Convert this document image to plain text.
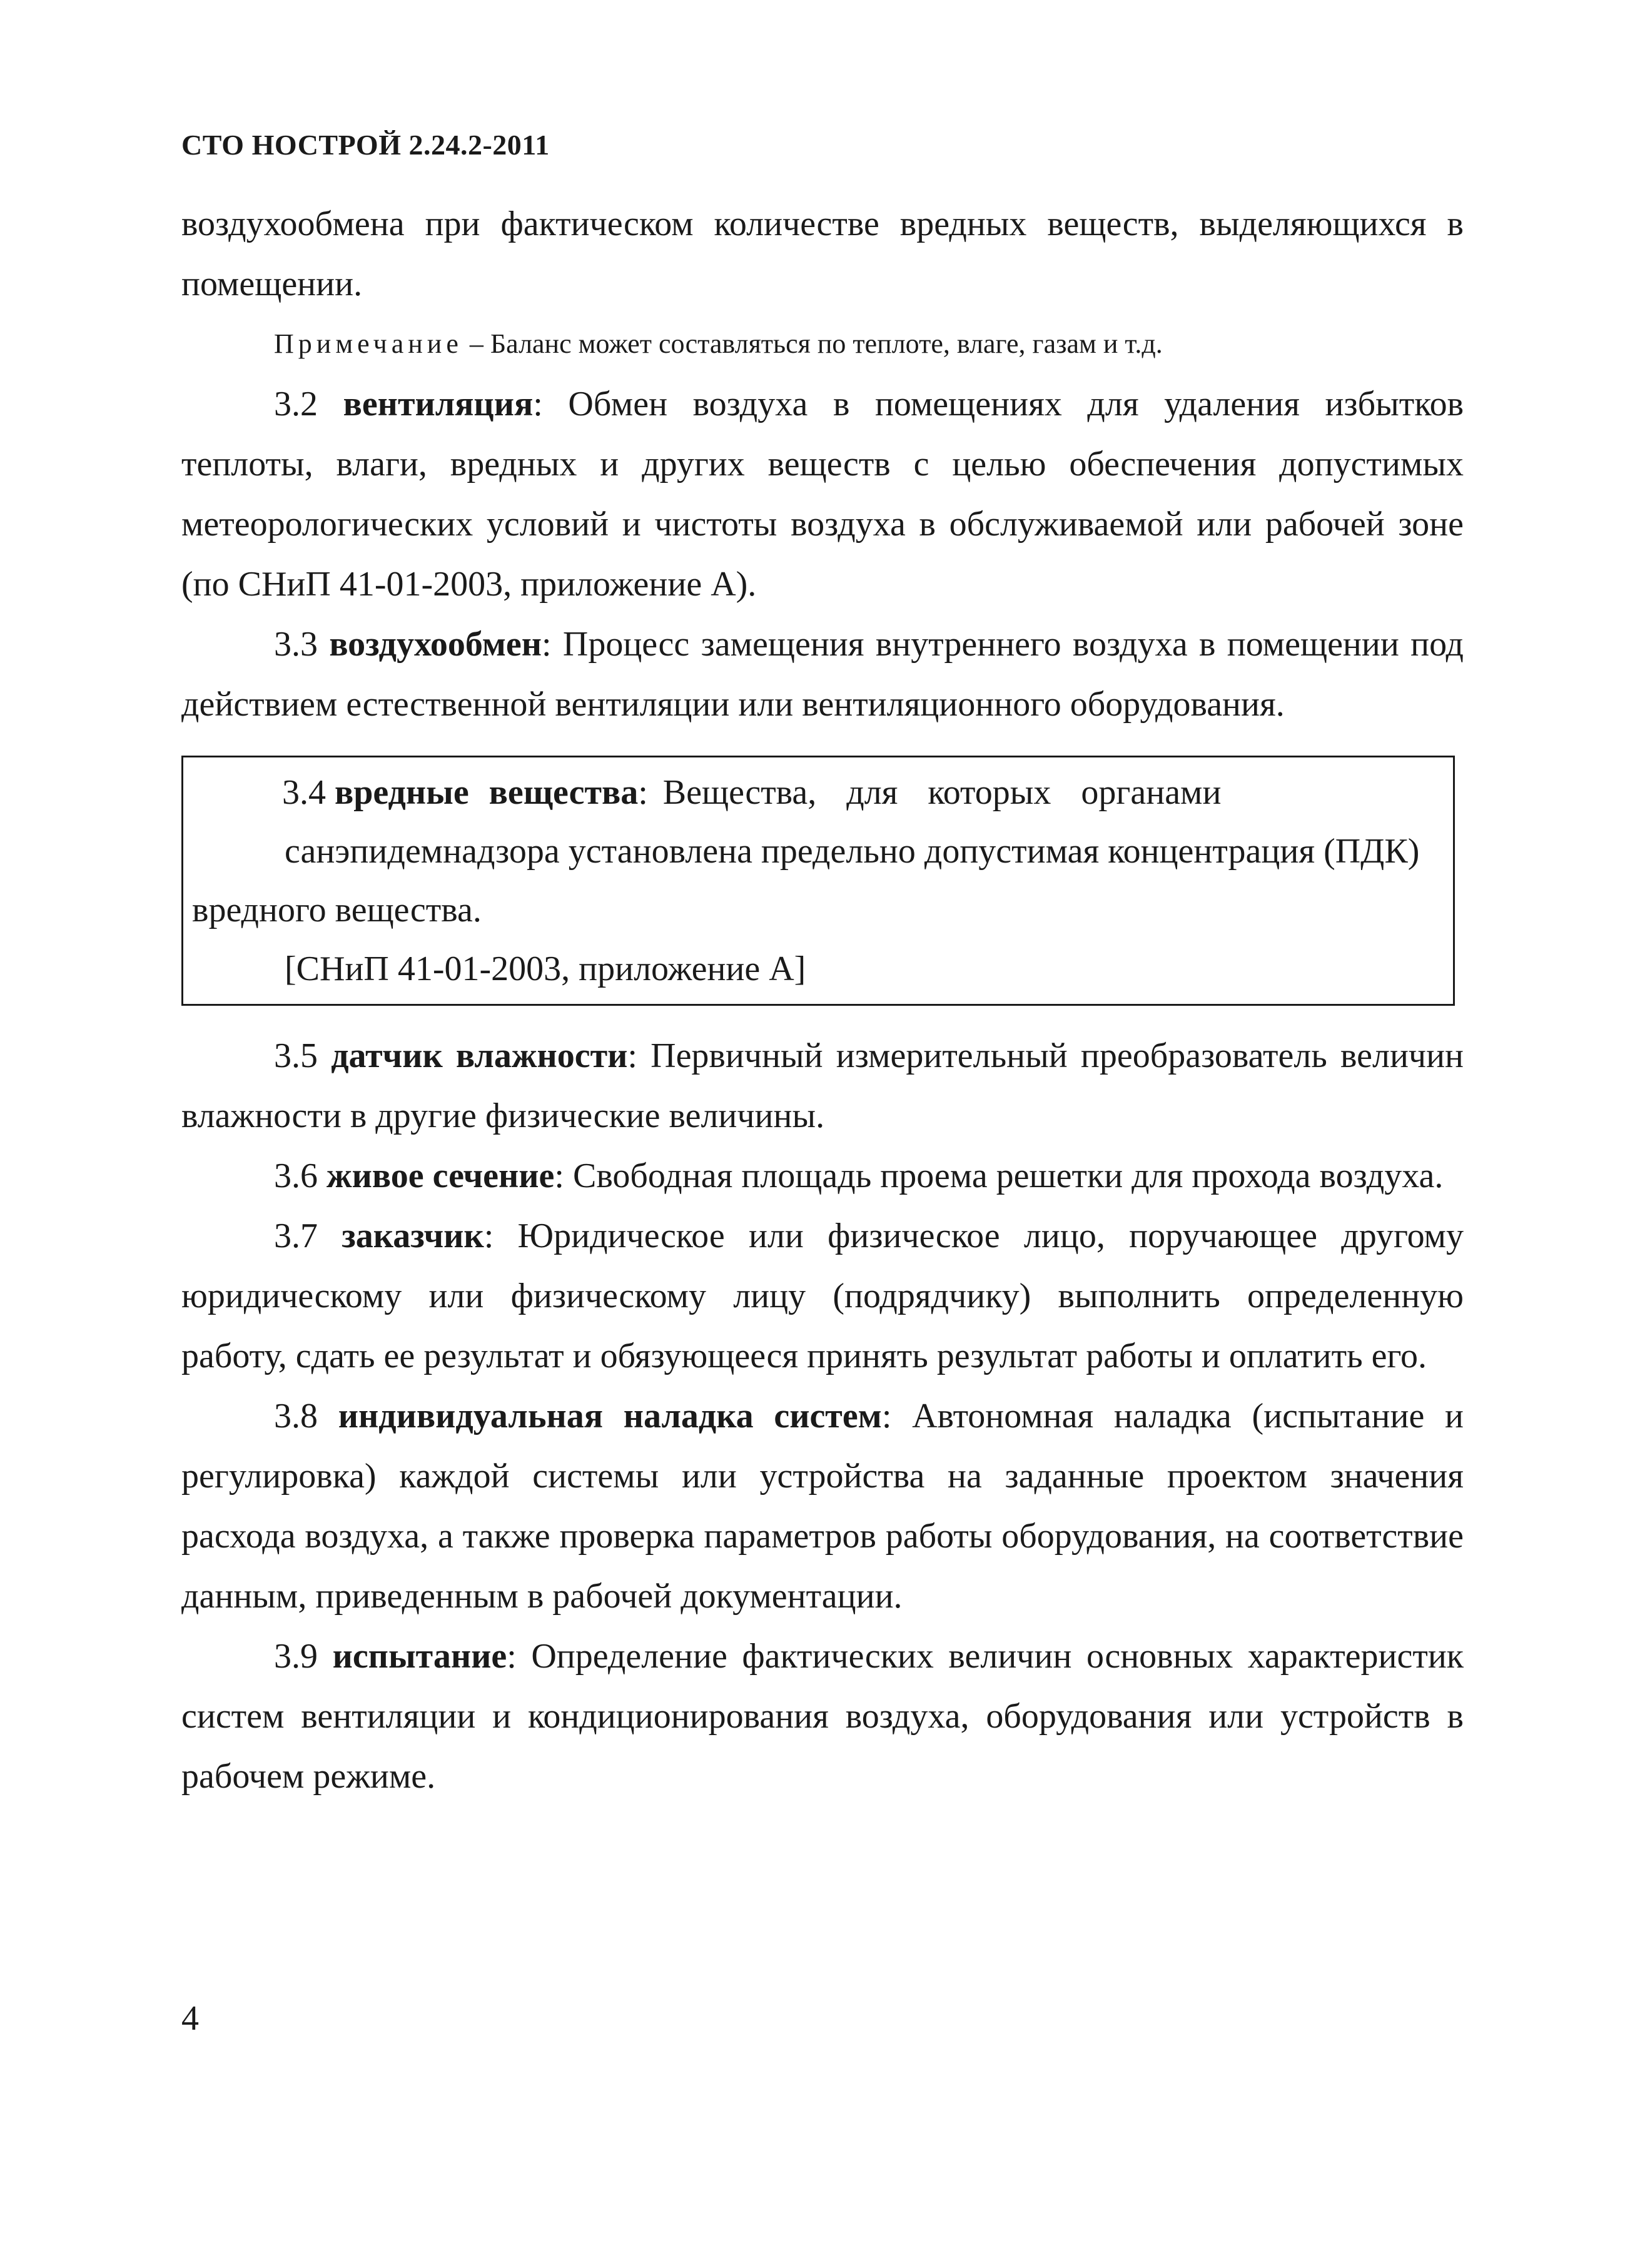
СТО НОСТРОЙ 2.24.2-2011

воздухообмена при фактическом количестве вредных веществ, выделяющихся в помещении.

Примечание – Баланс может составляться по теплоте, влаге, газам и т.д.

3.2 вентиляция: Обмен воздуха в помещениях для удаления избытков теплоты, влаги, вредных и других веществ с целью обеспечения допустимых метеорологических условий и чистоты воздуха в обслуживаемой или рабочей зоне (по СНиП 41-01-2003, приложение А).

3.3 воздухообмен: Процесс замещения внутреннего воздуха в помещении под действием естественной вентиляции или вентиляционного оборудования.

3.4 вредные вещества: Вещества,  для  которых  органами
санэпидемнадзора установлена предельно допустимая концентрация (ПДК)
вредного вещества.
[СНиП 41-01-2003, приложение А]

3.5 датчик влажности: Первичный измерительный преобразователь величин влажности в другие физические величины.

3.6 живое сечение: Свободная площадь проема решетки для прохода воздуха.

3.7 заказчик: Юридическое или физическое лицо, поручающее другому юридическому или физическому лицу (подрядчику) выполнить определенную работу, сдать ее результат и обязующееся принять результат работы и оплатить его.

3.8 индивидуальная наладка систем: Автономная наладка (испытание и регулировка) каждой системы или устройства на заданные проектом значения расхода воздуха, а также проверка параметров работы оборудования, на соответствие данным, приведенным в рабочей документации.

3.9 испытание: Определение фактических величин основных характеристик систем вентиляции и кондиционирования воздуха, оборудования или устройств в рабочем режиме.

4
